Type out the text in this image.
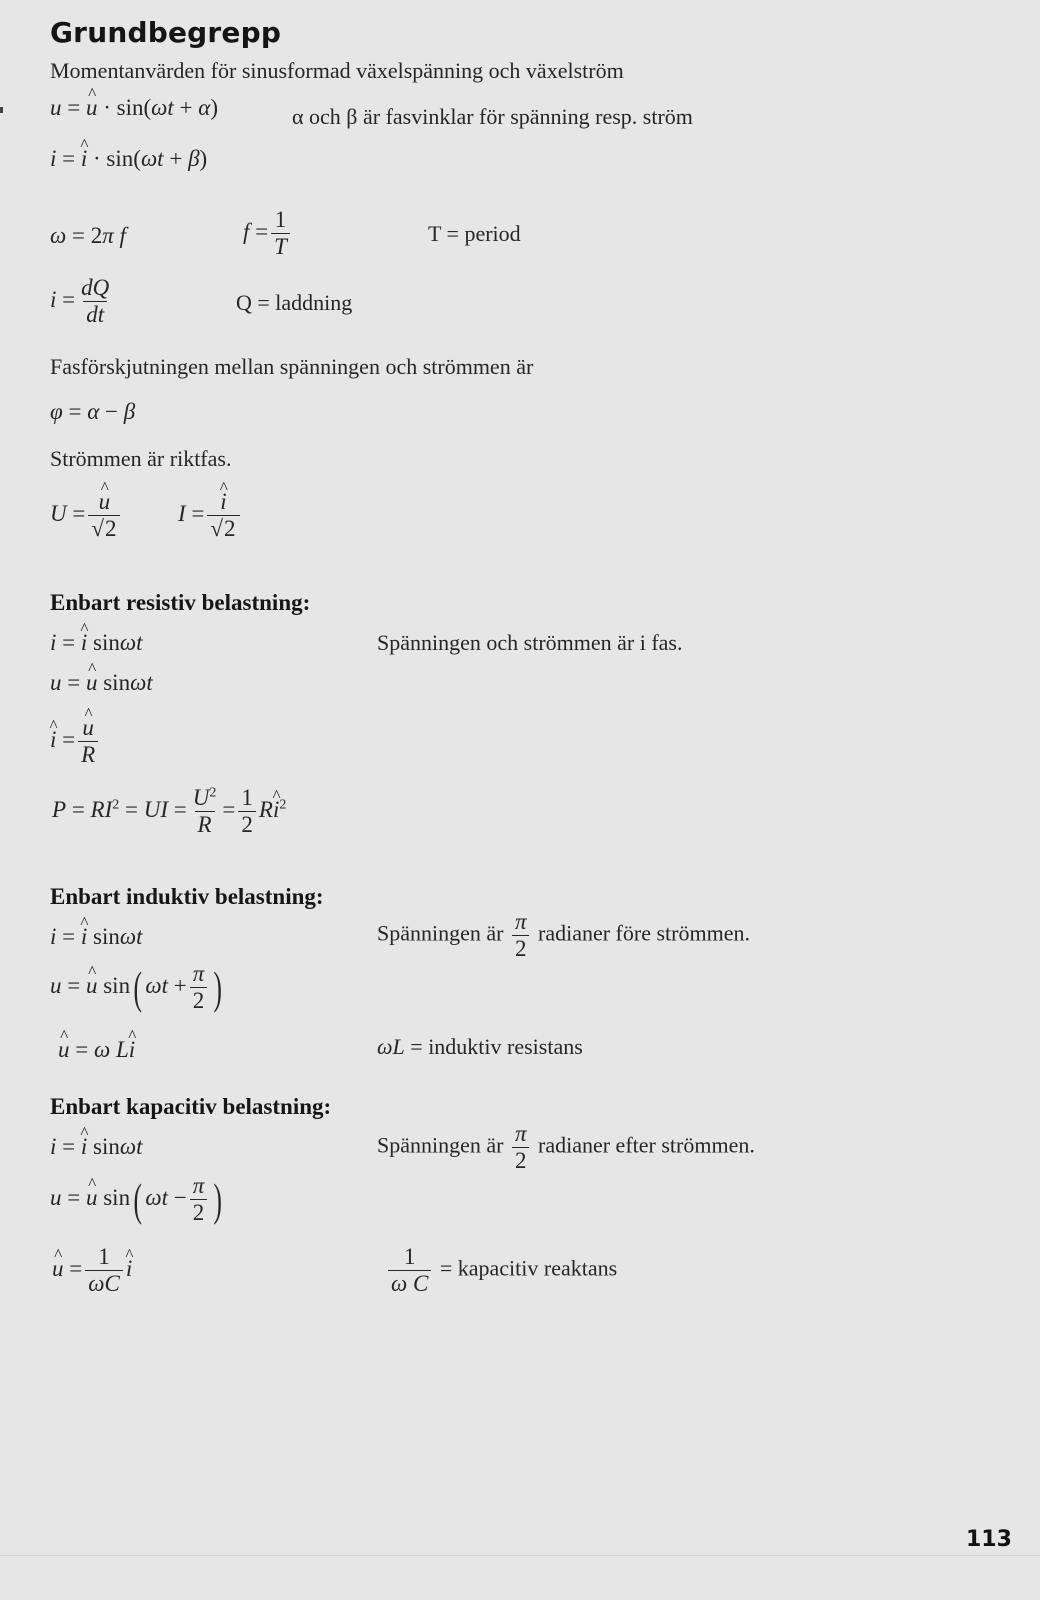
Grundbegrepp
Momentanvärden för sinusformad växelspänning och växelström
u = u ^ · sin(ωt + α)	α och β är fasvinklar för spänning resp. ström
i = i ^ · sin(ωt + β)
ω = 2π f	$f = \frac{1}{T}$	T = period
$i = \frac{dQ}{dt}$	Q = laddning
Fasförskjutningen mellan spänningen och strömmen är
φ = α − β
Strömmen är riktfas.
$U = \frac{u \^{}}{√2}$	$I = \frac{i \^{}}{√2}$
Enbart resistiv belastning:
i = i ^ sinωt	Spänningen och strömmen är i fas.
u = u ^ sinωt
i ^ = $\frac{u \^{}}{R}$
$P = RI^2$ = UI = $\frac{U^2}{R} = \frac{1}{2}$ Ri ^$^2$
Enbart induktiv belastning:
i = i ^ sinωt	Spänningen är $\frac{\pi}{2}$ radianer före strömmen.
u = u ^ sin( $\omega t + \frac{\pi}{2}$ )
u ^ = ω Li ^	ωL = induktiv resistans
Enbart kapacitiv belastning:
i = i ^ sinωt	Spänningen är $\frac{\pi}{2}$ radianer efter strömmen.
u = u ^ sin( $\omega t - \frac{\pi}{2}$ )
u ^ = $\frac{1}{\omega C}$ i ^	$\frac{1}{\text{ω C}}$ = kapacitiv reaktans
113
